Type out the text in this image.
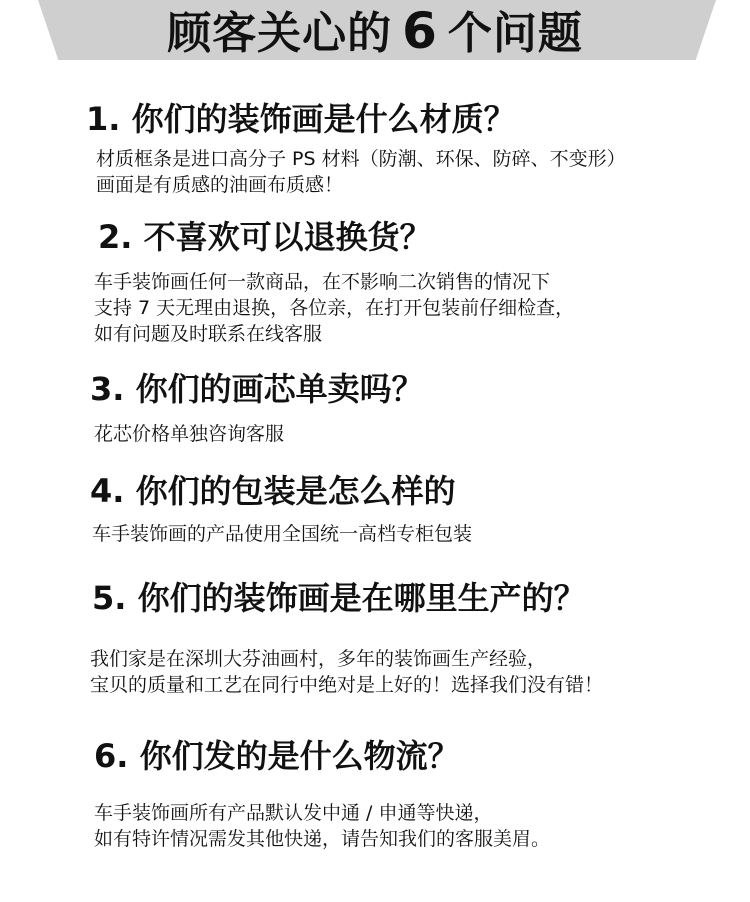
顾客关心的 6 个问题
1. 你们的装饰画是什么材质？
材质框条是进口高分子 PS 材料（防潮、环保、防碎、不变形）
画面是有质感的油画布质感！
2. 不喜欢可以退换货？
车手装饰画任何一款商品，在不影响二次销售的情况下
支持 7 天无理由退换，各位亲，在打开包装前仔细检查，
如有问题及时联系在线客服
3. 你们的画芯单卖吗？
花芯价格单独咨询客服
4. 你们的包装是怎么样的
车手装饰画的产品使用全国统一高档专柜包装
5. 你们的装饰画是在哪里生产的？
我们家是在深圳大芬油画村，多年的装饰画生产经验，
宝贝的质量和工艺在同行中绝对是上好的！选择我们没有错！
6. 你们发的是什么物流？
车手装饰画所有产品默认发中通 / 申通等快递，
如有特许情况需发其他快递，请告知我们的客服美眉。
